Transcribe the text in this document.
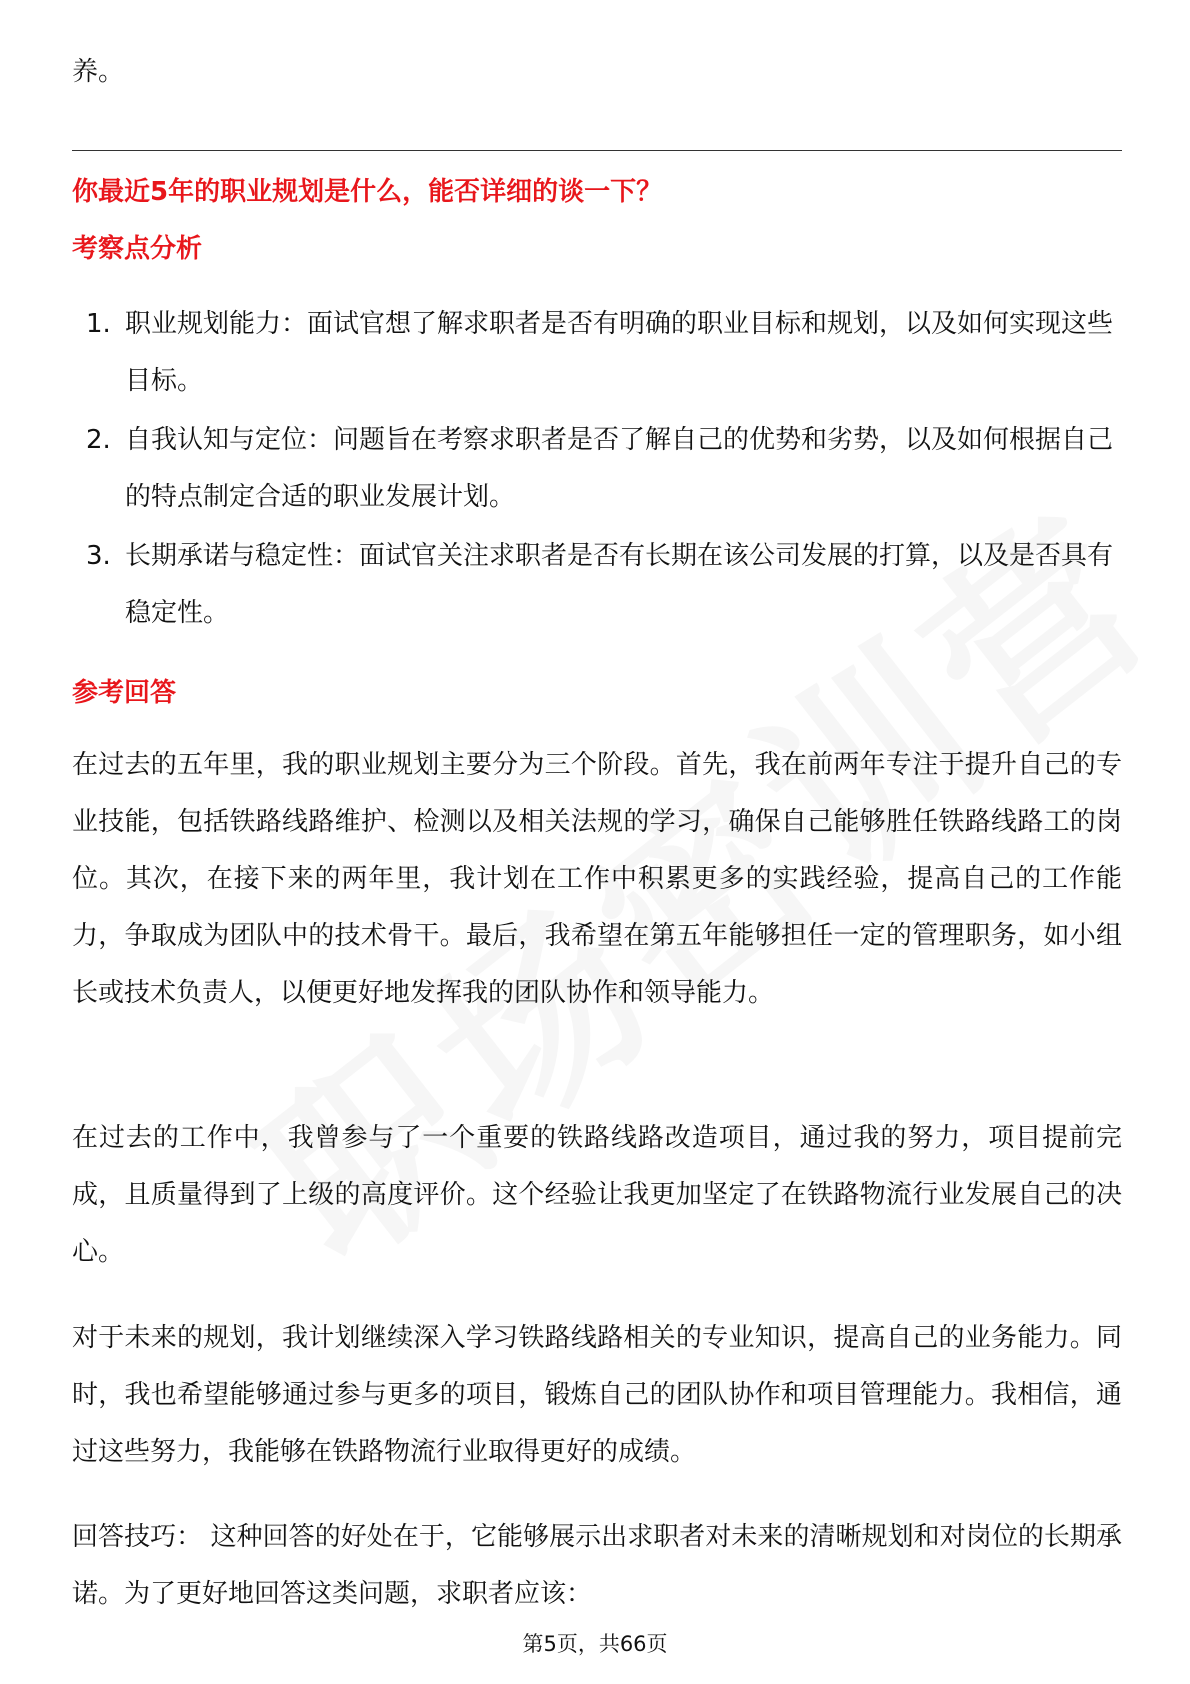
养。
你最近5年的职业规划是什么，能否详细的谈一下？
考察点分析
1. 职业规划能力：面试官想了解求职者是否有明确的职业目标和规划，以及如何实现这些目标。
2. 自我认知与定位：问题旨在考察求职者是否了解自己的优势和劣势，以及如何根据自己的特点制定合适的职业发展计划。
3. 长期承诺与稳定性：面试官关注求职者是否有长期在该公司发展的打算，以及是否具有稳定性。
参考回答

在过去的五年里，我的职业规划主要分为三个阶段。首先，我在前两年专注于提升自己的专业技能，包括铁路线路维护、检测以及相关法规的学习，确保自己能够胜任铁路线路工的岗位。其次，在接下来的两年里，我计划在工作中积累更多的实践经验，提高自己的工作能力，争取成为团队中的技术骨干。最后，我希望在第五年能够担任一定的管理职务，如小组长或技术负责人，以便更好地发挥我的团队协作和领导能力。

在过去的工作中，我曾参与了一个重要的铁路线路改造项目，通过我的努力，项目提前完成，且质量得到了上级的高度评价。这个经验让我更加坚定了在铁路物流行业发展自己的决心。

对于未来的规划，我计划继续深入学习铁路线路相关的专业知识，提高自己的业务能力。同时，我也希望能够通过参与更多的项目，锻炼自己的团队协作和项目管理能力。我相信，通过这些努力，我能够在铁路物流行业取得更好的成绩。

回答技巧： 这种回答的好处在于，它能够展示出求职者对未来的清晰规划和对岗位的长期承诺。为了更好地回答这类问题，求职者应该：

第5页，共66页
